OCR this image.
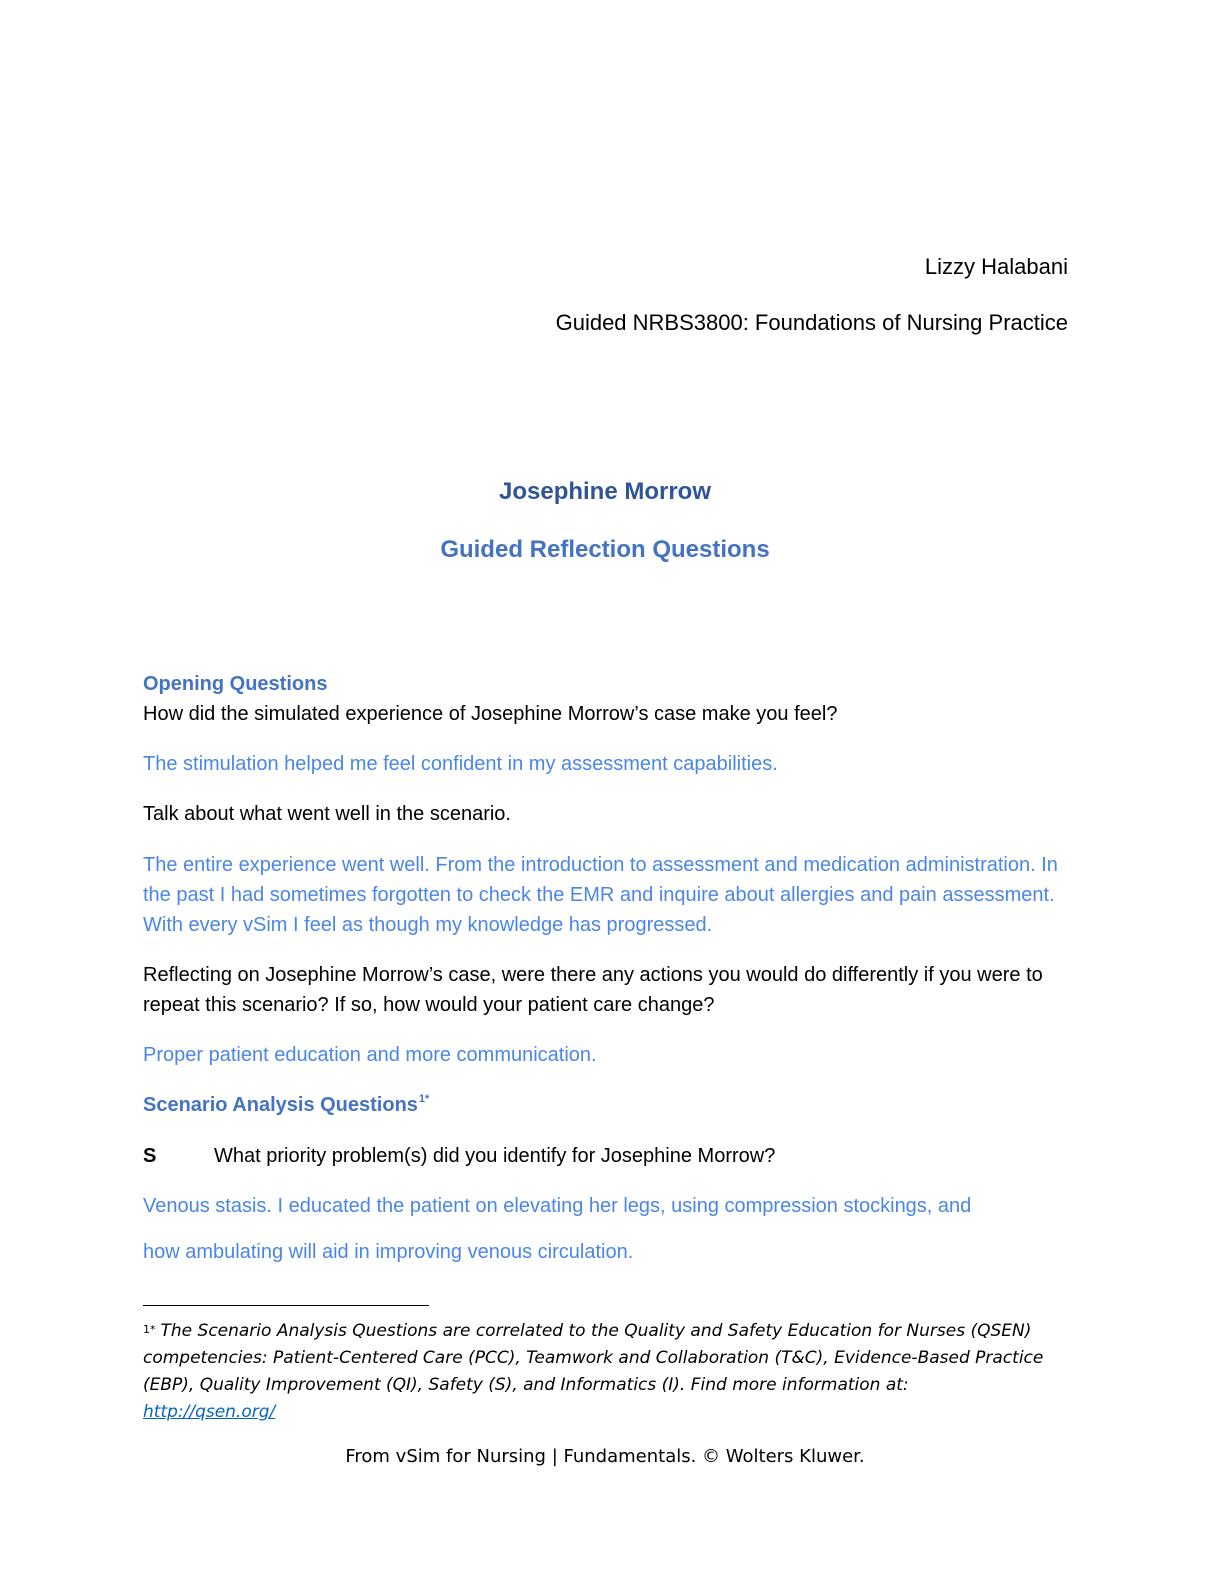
Lizzy Halabani
Guided NRBS3800: Foundations of Nursing Practice
Josephine Morrow
Guided Reflection Questions
Opening Questions
How did the simulated experience of Josephine Morrow’s case make you feel?
The stimulation helped me feel confident in my assessment capabilities.
Talk about what went well in the scenario.
The entire experience went well. From the introduction to assessment and medication administration. In the past I had sometimes forgotten to check the EMR and inquire about allergies and pain assessment. With every vSim I feel as though my knowledge has progressed.
Reflecting on Josephine Morrow’s case, were there any actions you would do differently if you were to repeat this scenario? If so, how would your patient care change?
Proper patient education and more communication.
Scenario Analysis Questions$^{1*}$
S	What priority problem(s) did you identify for Josephine Morrow?
Venous stasis. I educated the patient on elevating her legs, using compression stockings, and
how ambulating will aid in improving venous circulation.
$^{1*}$ The Scenario Analysis Questions are correlated to the Quality and Safety Education for Nurses (QSEN) competencies: Patient-Centered Care (PCC), Teamwork and Collaboration (T&C), Evidence-Based Practice (EBP), Quality Improvement (QI), Safety (S), and Informatics (I). Find more information at:
http://qsen.org/
From vSim for Nursing | Fundamentals. © Wolters Kluwer.
